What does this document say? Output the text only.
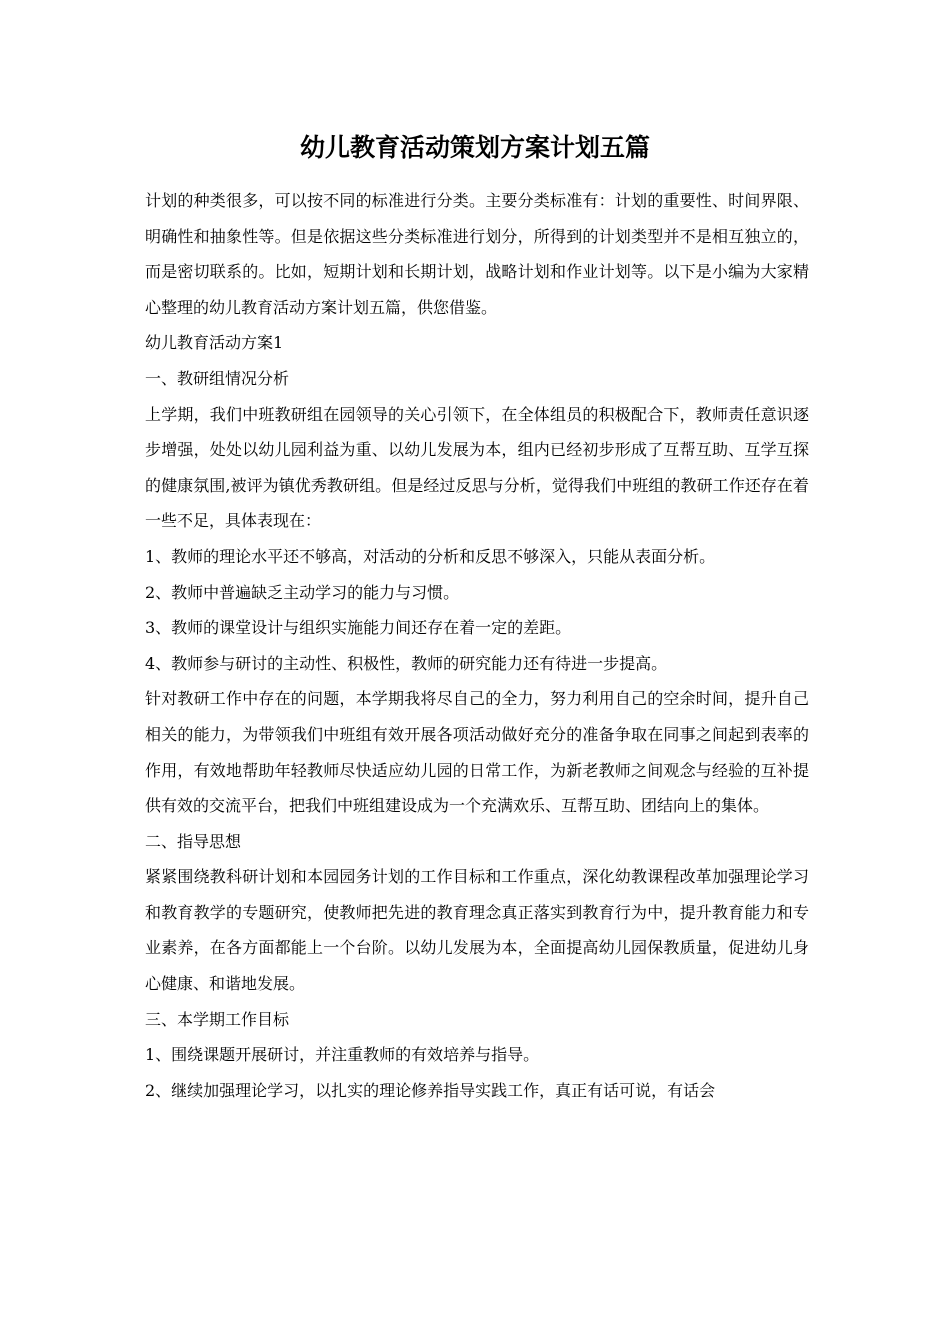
幼儿教育活动策划方案计划五篇

计划的种类很多，可以按不同的标准进行分类。主要分类标准有：计划的重要性、时间界限、明确性和抽象性等。但是依据这些分类标准进行划分，所得到的计划类型并不是相互独立的，而是密切联系的。比如，短期计划和长期计划，战略计划和作业计划等。以下是小编为大家精心整理的幼儿教育活动方案计划五篇，供您借鉴。

幼儿教育活动方案1

一、教研组情况分析

上学期，我们中班教研组在园领导的关心引领下，在全体组员的积极配合下，教师责任意识逐步增强，处处以幼儿园利益为重、以幼儿发展为本，组内已经初步形成了互帮互助、互学互探的健康氛围,被评为镇优秀教研组。但是经过反思与分析，觉得我们中班组的教研工作还存在着一些不足，具体表现在：

1、教师的理论水平还不够高，对活动的分析和反思不够深入，只能从表面分析。

2、教师中普遍缺乏主动学习的能力与习惯。

3、教师的课堂设计与组织实施能力间还存在着一定的差距。

4、教师参与研讨的主动性、积极性，教师的研究能力还有待进一步提高。

针对教研工作中存在的问题，本学期我将尽自己的全力，努力利用自己的空余时间，提升自己相关的能力，为带领我们中班组有效开展各项活动做好充分的准备争取在同事之间起到表率的作用，有效地帮助年轻教师尽快适应幼儿园的日常工作，为新老教师之间观念与经验的互补提供有效的交流平台，把我们中班组建设成为一个充满欢乐、互帮互助、团结向上的集体。

二、指导思想

紧紧围绕教科研计划和本园园务计划的工作目标和工作重点，深化幼教课程改革加强理论学习和教育教学的专题研究，使教师把先进的教育理念真正落实到教育行为中，提升教育能力和专业素养，在各方面都能上一个台阶。以幼儿发展为本，全面提高幼儿园保教质量，促进幼儿身心健康、和谐地发展。

三、本学期工作目标

1、围绕课题开展研讨，并注重教师的有效培养与指导。

2、继续加强理论学习，以扎实的理论修养指导实践工作，真正有话可说，有话会
